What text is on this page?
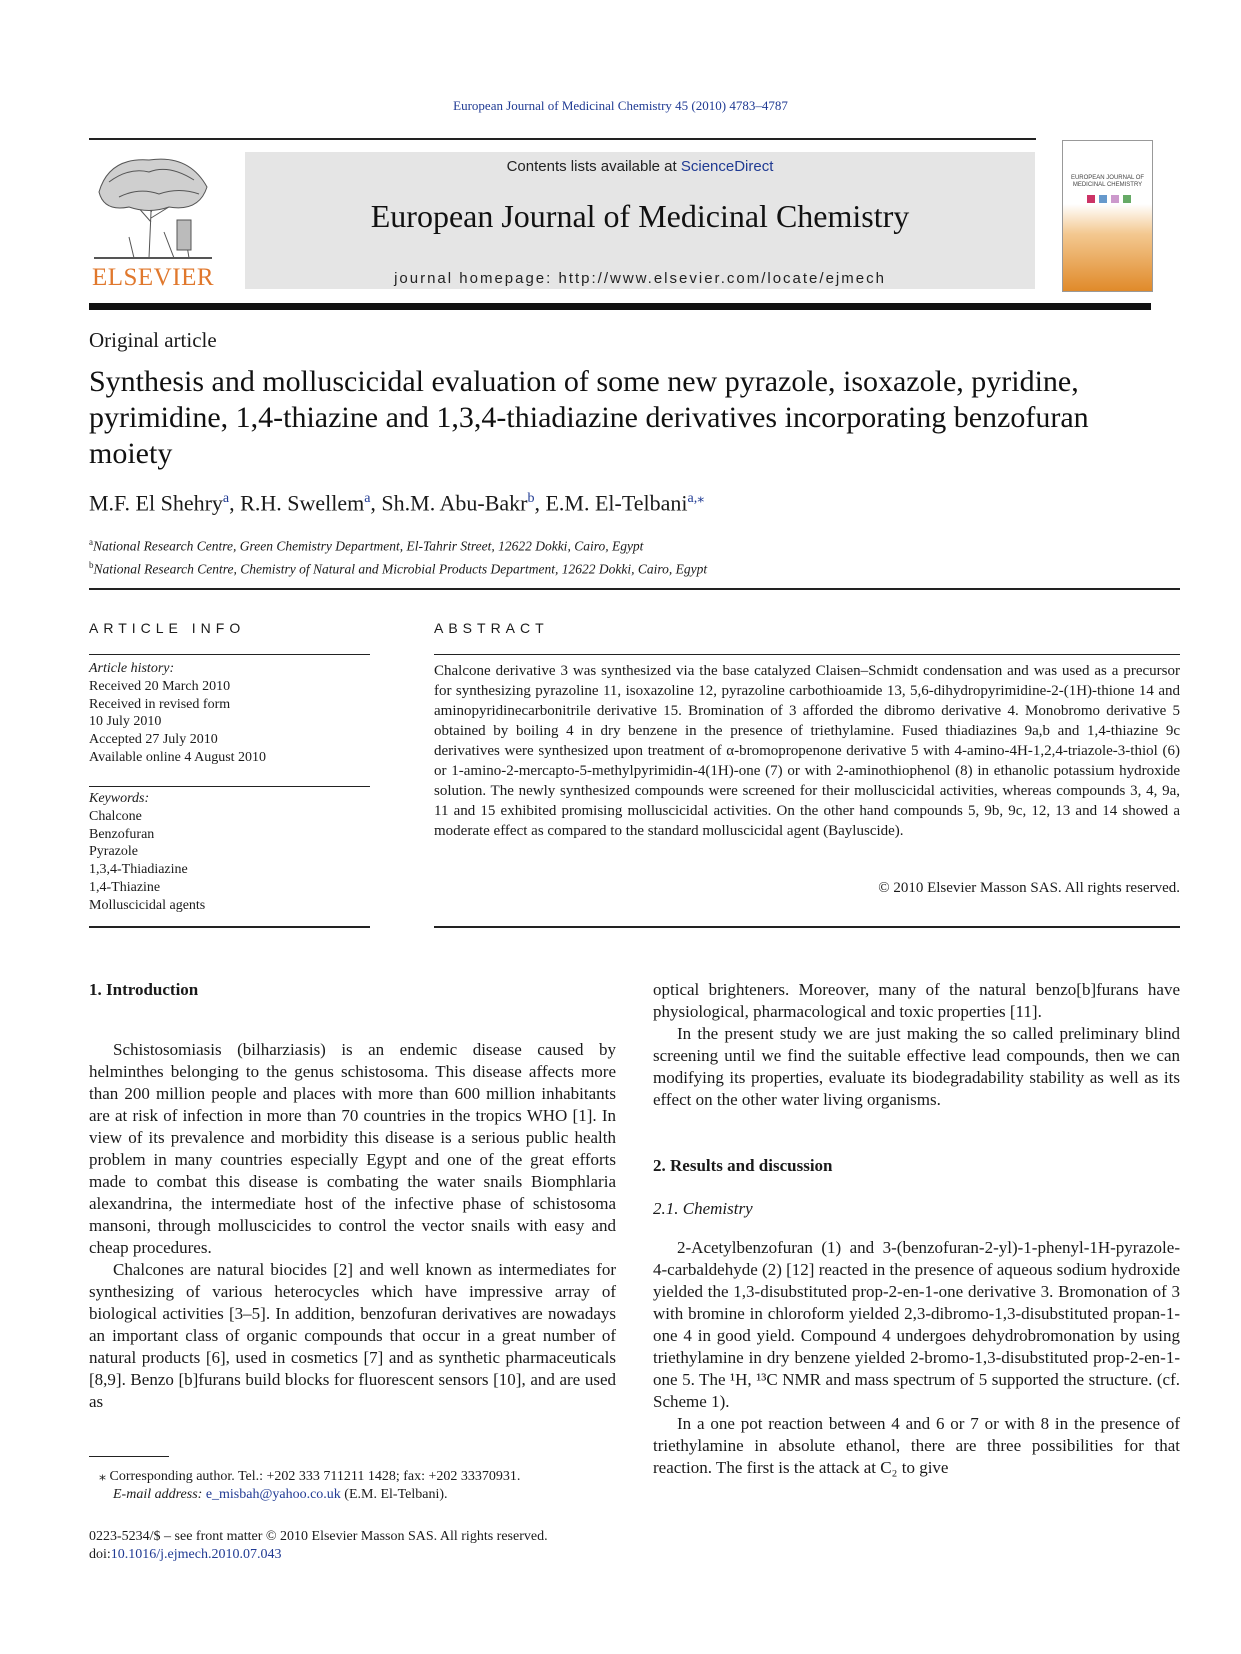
European Journal of Medicinal Chemistry 45 (2010) 4783–4787
ELSEVIER
Contents lists available at ScienceDirect
European Journal of Medicinal Chemistry
journal homepage: http://www.elsevier.com/locate/ejmech
EUROPEAN JOURNAL OF MEDICINAL CHEMISTRY
Original article
Synthesis and molluscicidal evaluation of some new pyrazole, isoxazole, pyridine, pyrimidine, 1,4-thiazine and 1,3,4-thiadiazine derivatives incorporating benzofuran moiety
M.F. El Shehry$^a$, R.H. Swellem$^a$, Sh.M. Abu-Bakr$^b$, E.M. El-Telbani$^{a,⁎}$
$^a$National Research Centre, Green Chemistry Department, El-Tahrir Street, 12622 Dokki, Cairo, Egypt
$^b$National Research Centre, Chemistry of Natural and Microbial Products Department, 12622 Dokki, Cairo, Egypt
ARTICLE INFO
Article history:
Received 20 March 2010
Received in revised form
10 July 2010
Accepted 27 July 2010
Available online 4 August 2010
Keywords:
Chalcone
Benzofuran
Pyrazole
1,3,4-Thiadiazine
1,4-Thiazine
Molluscicidal agents
ABSTRACT
Chalcone derivative 3 was synthesized via the base catalyzed Claisen–Schmidt condensation and was used as a precursor for synthesizing pyrazoline 11, isoxazoline 12, pyrazoline carbothioamide 13, 5,6-dihydropyrimidine-2-(1H)-thione 14 and aminopyridinecarbonitrile derivative 15. Bromination of 3 afforded the dibromo derivative 4. Monobromo derivative 5 obtained by boiling 4 in dry benzene in the presence of triethylamine. Fused thiadiazines 9a,b and 1,4-thiazine 9c derivatives were synthesized upon treatment of α-bromopropenone derivative 5 with 4-amino-4H-1,2,4-triazole-3-thiol (6) or 1-amino-2-mercapto-5-methylpyrimidin-4(1H)-one (7) or with 2-aminothiophenol (8) in ethanolic potassium hydroxide solution. The newly synthesized compounds were screened for their molluscicidal activities, whereas compounds 3, 4, 9a, 11 and 15 exhibited promising molluscicidal activities. On the other hand compounds 5, 9b, 9c, 12, 13 and 14 showed a moderate effect as compared to the standard molluscicidal agent (Bayluscide).
© 2010 Elsevier Masson SAS. All rights reserved.
1. Introduction

Schistosomiasis (bilharziasis) is an endemic disease caused by helminthes belonging to the genus schistosoma. This disease affects more than 200 million people and places with more than 600 million inhabitants are at risk of infection in more than 70 countries in the tropics WHO [1]. In view of its prevalence and morbidity this disease is a serious public health problem in many countries especially Egypt and one of the great efforts made to combat this disease is combating the water snails Biomphlaria alexandrina, the intermediate host of the infective phase of schistosoma mansoni, through molluscicides to control the vector snails with easy and cheap procedures.

Chalcones are natural biocides [2] and well known as intermediates for synthesizing of various heterocycles which have impressive array of biological activities [3–5]. In addition, benzofuran derivatives are nowadays an important class of organic compounds that occur in a great number of natural products [6], used in cosmetics [7] and as synthetic pharmaceuticals [8,9]. Benzo [b]furans build blocks for fluorescent sensors [10], and are used as

optical brighteners. Moreover, many of the natural benzo[b]furans have physiological, pharmacological and toxic properties [11].

In the present study we are just making the so called preliminary blind screening until we find the suitable effective lead compounds, then we can modifying its properties, evaluate its biodegradability stability as well as its effect on the other water living organisms.

2. Results and discussion
2.1. Chemistry

2-Acetylbenzofuran (1) and 3-(benzofuran-2-yl)-1-phenyl-1H-pyrazole-4-carbaldehyde (2) [12] reacted in the presence of aqueous sodium hydroxide yielded the 1,3-disubstituted prop-2-en-1-one derivative 3. Bromonation of 3 with bromine in chloroform yielded 2,3-dibromo-1,3-disubstituted propan-1-one 4 in good yield. Compound 4 undergoes dehydrobromonation by using triethylamine in dry benzene yielded 2-bromo-1,3-disubstituted prop-2-en-1-one 5. The ¹H, ¹³C NMR and mass spectrum of 5 supported the structure. (cf. Scheme 1).

In a one pot reaction between 4 and 6 or 7 or with 8 in the presence of triethylamine in absolute ethanol, there are three possibilities for that reaction. The first is the attack at C₂ to give

⁎ Corresponding author. Tel.: +202 333 711211 1428; fax: +202 33370931.
E-mail address: e_misbah@yahoo.co.uk (E.M. El-Telbani).
0223-5234/$ – see front matter © 2010 Elsevier Masson SAS. All rights reserved.
doi:10.1016/j.ejmech.2010.07.043
